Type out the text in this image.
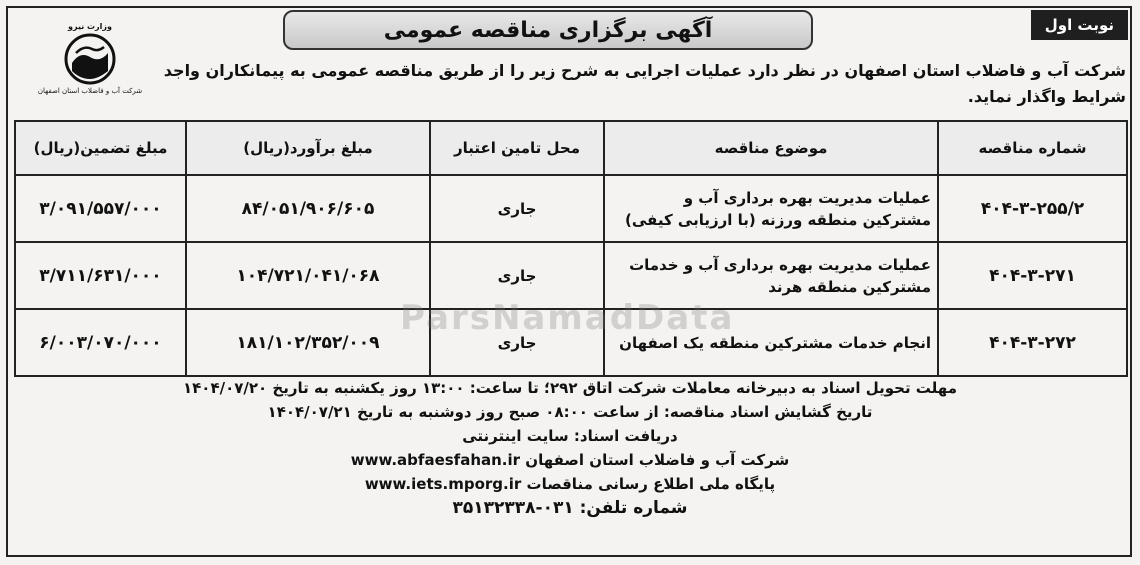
نوبت اول
آگهی برگزاری مناقصه عمومی
وزارت نیرو
شرکت آب و فاضلاب استان اصفهان
شرکت آب و فاضلاب استان اصفهان در نظر دارد عملیات اجرایی به شرح زیر را از طریق مناقصه عمومی به پیمانکاران واجد شرایط واگذار نماید.
شماره مناقصه	موضوع مناقصه	محل تامین اعتبار	مبلغ برآورد(ریال)	مبلغ تضمین(ریال)
۴۰۴-۳-۲۵۵/۲	عملیات مدیریت بهره برداری آب و مشترکین منطقه ورزنه (با ارزیابی کیفی)	جاری	۸۴/۰۵۱/۹۰۶/۶۰۵	۳/۰۹۱/۵۵۷/۰۰۰
۴۰۴-۳-۲۷۱	عملیات مدیریت بهره برداری آب و خدمات مشترکین منطقه هرند	جاری	۱۰۴/۷۲۱/۰۴۱/۰۶۸	۳/۷۱۱/۶۳۱/۰۰۰
۴۰۴-۳-۲۷۲	انجام خدمات مشترکین منطقه یک اصفهان	جاری	۱۸۱/۱۰۲/۳۵۲/۰۰۹	۶/۰۰۳/۰۷۰/۰۰۰
ParsNamadData
مهلت تحویل اسناد به دبیرخانه معاملات شرکت اتاق ۲۹۲؛ تا ساعت: ۱۳:۰۰ روز یکشنبه به تاریخ ۱۴۰۴/۰۷/۲۰
تاریخ گشایش اسناد مناقصه: از ساعت ۰۸:۰۰ صبح روز دوشنبه به تاریخ ۱۴۰۴/۰۷/۲۱
دریافت اسناد: سایت اینترنتی
شرکت آب و فاضلاب استان اصفهان www.abfaesfahan.ir
پایگاه ملی اطلاع رسانی مناقصات www.iets.mporg.ir
شماره تلفن: ۰۳۱-۳۵۱۳۲۳۳۸
